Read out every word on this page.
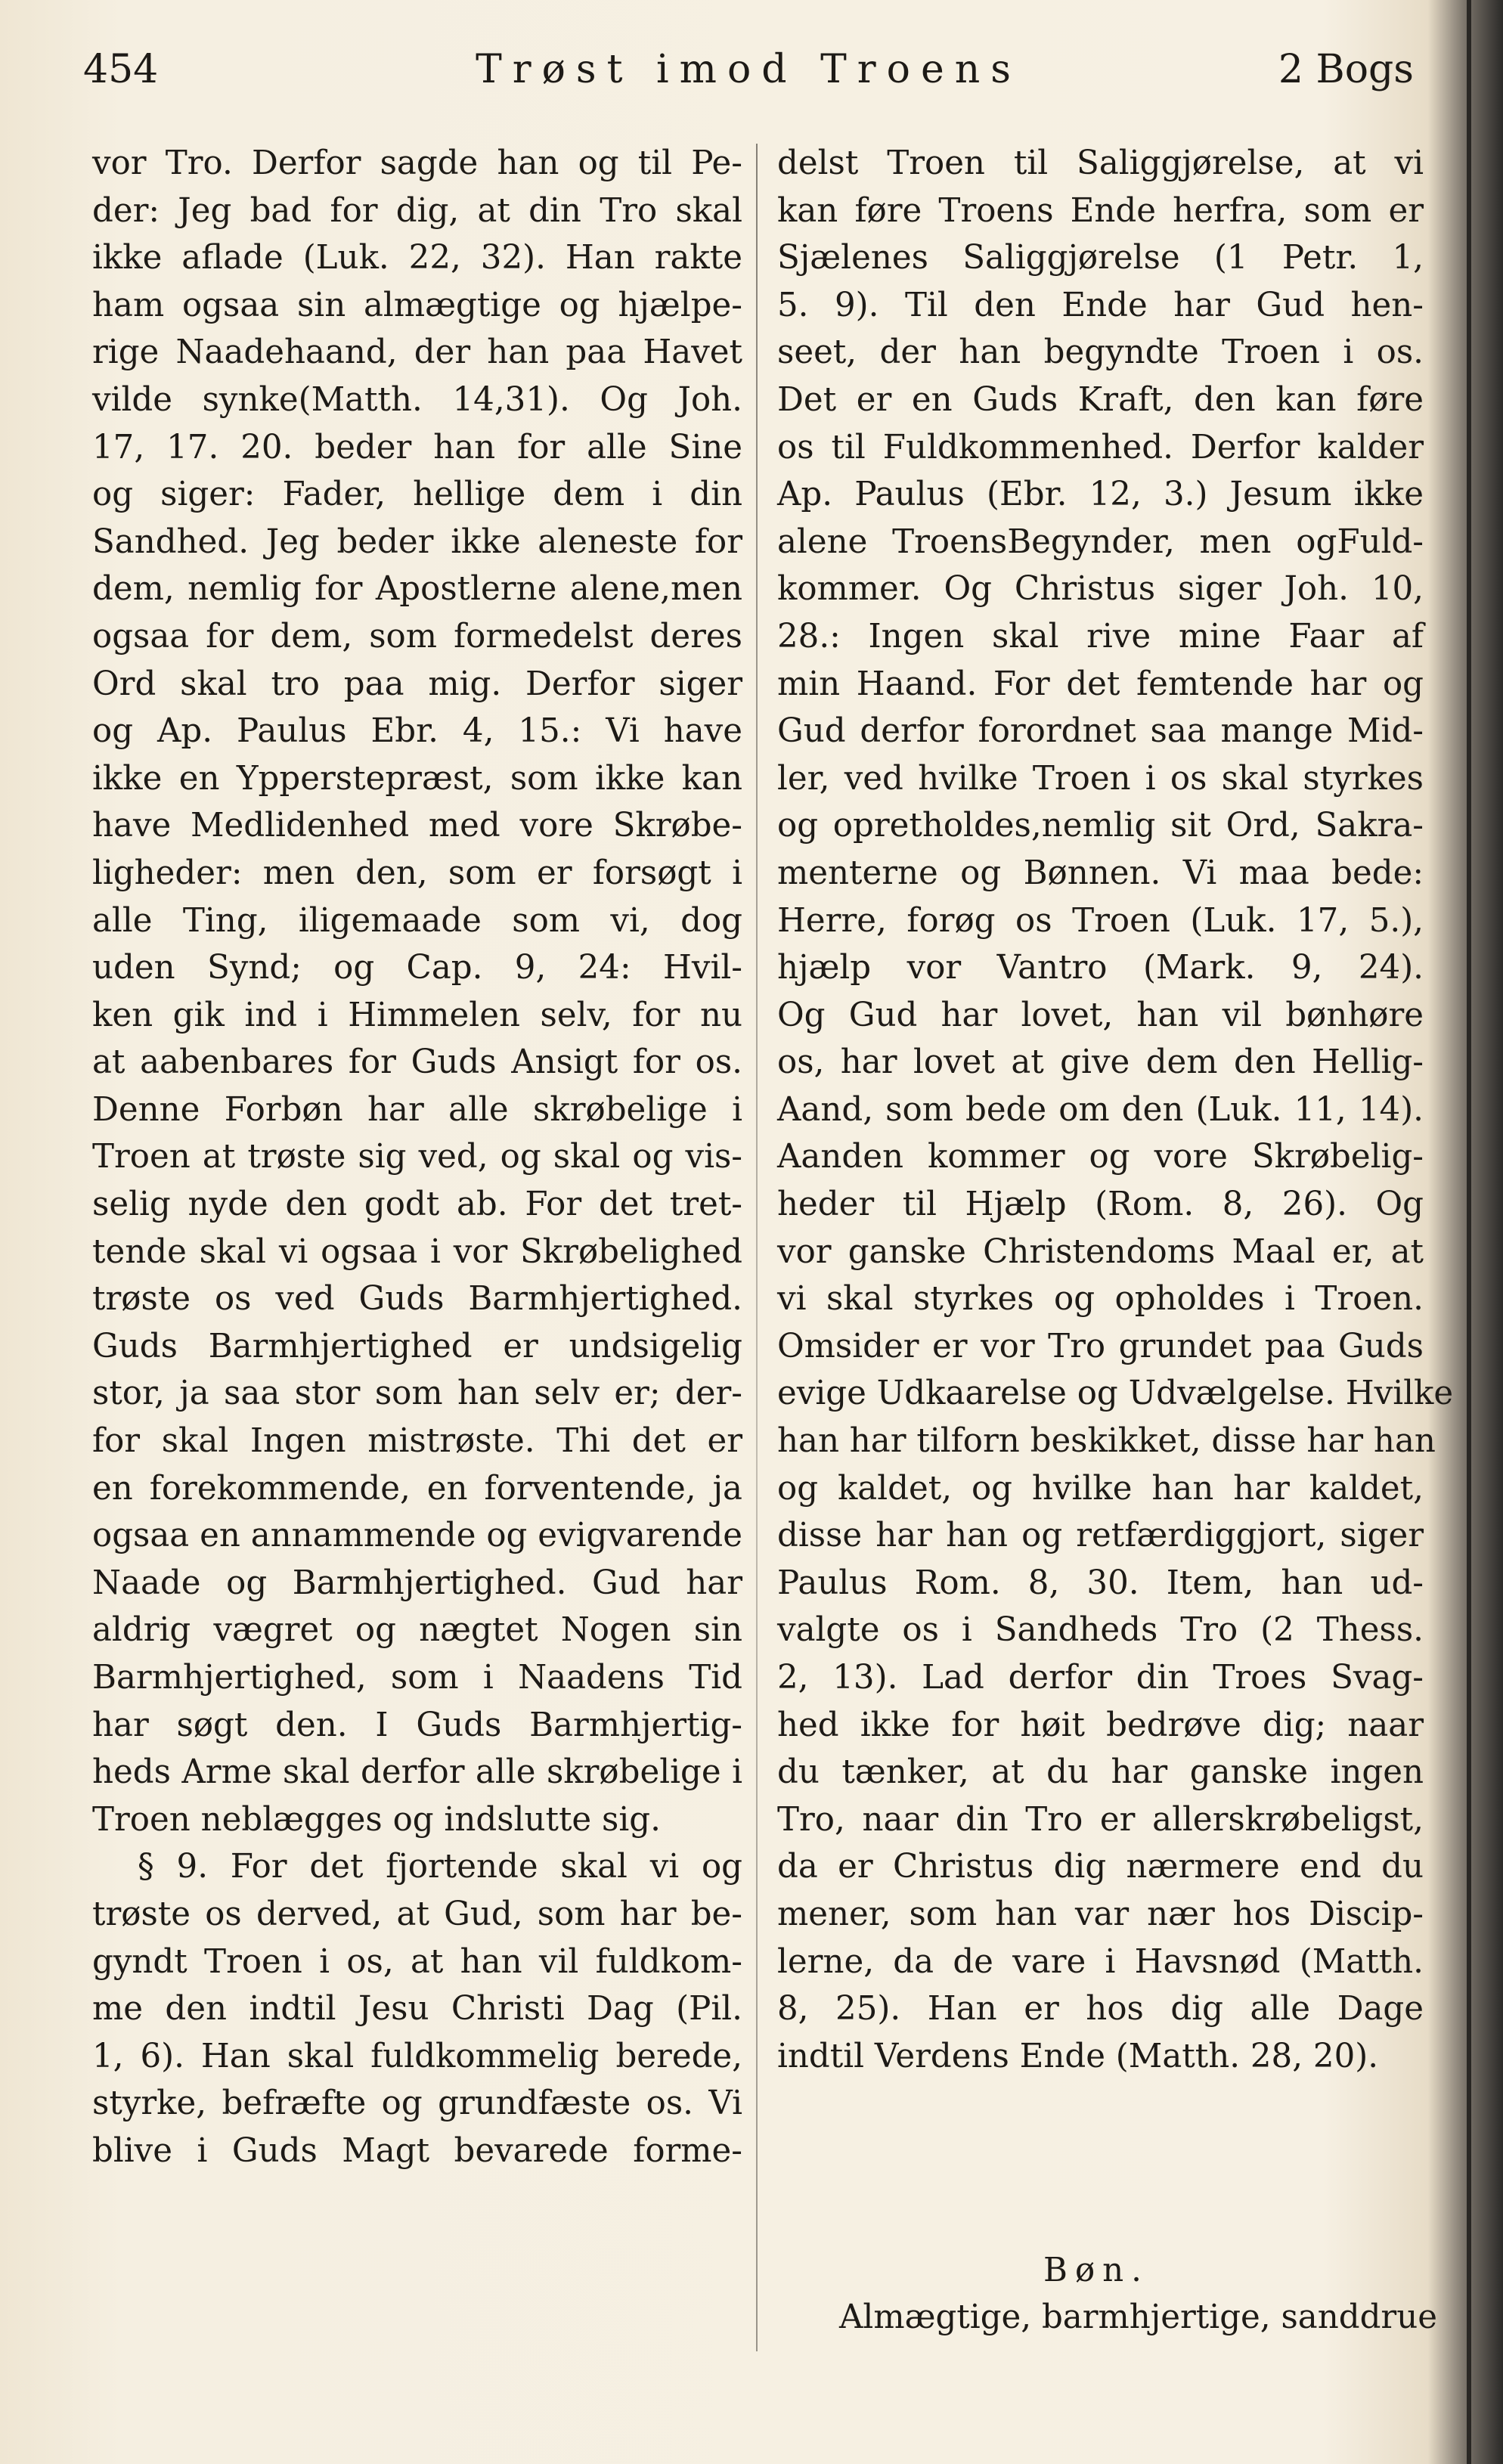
454	Trøst imod Troens	2 Bogs
vor Tro. Derfor sagde han og til Pe-
der: Jeg bad for dig, at din Tro skal
ikke aflade (Luk. 22, 32). Han rakte
ham ogsaa sin almægtige og hjælpe-
rige Naadehaand, der han paa Havet
vilde synke(Matth. 14,31). Og Joh.
17, 17. 20. beder han for alle Sine
og siger: Fader, hellige dem i din
Sandhed. Jeg beder ikke aleneste for
dem, nemlig for Apostlerne alene,men
ogsaa for dem, som formedelst deres
Ord skal tro paa mig. Derfor siger
og Ap. Paulus Ebr. 4, 15.: Vi have
ikke en Ypperstepræst, som ikke kan
have Medlidenhed med vore Skrøbe-
ligheder: men den, som er forsøgt i
alle Ting, iligemaade som vi, dog
uden Synd; og Cap. 9, 24: Hvil-
ken gik ind i Himmelen selv, for nu
at aabenbares for Guds Ansigt for os.
Denne Forbøn har alle skrøbelige i
Troen at trøste sig ved, og skal og vis-
selig nyde den godt ab. For det tret-
tende skal vi ogsaa i vor Skrøbelighed
trøste os ved Guds Barmhjertighed.
Guds Barmhjertighed er undsigelig
stor, ja saa stor som han selv er; der-
for skal Ingen mistrøste. Thi det er
en forekommende, en forventende, ja
ogsaa en annammende og evigvarende
Naade og Barmhjertighed. Gud har
aldrig vægret og nægtet Nogen sin
Barmhjertighed, som i Naadens Tid
har søgt den. I Guds Barmhjertig-
heds Arme skal derfor alle skrøbelige i
Troen neblægges og indslutte sig.
§ 9. For det fjortende skal vi og
trøste os derved, at Gud, som har be-
gyndt Troen i os, at han vil fuldkom-
me den indtil Jesu Christi Dag (Pil.
1, 6). Han skal fuldkommelig berede,
styrke, befræfte og grundfæste os. Vi
blive i Guds Magt bevarede forme-
delst Troen til Saliggjørelse, at vi
kan føre Troens Ende herfra, som er
Sjælenes Saliggjørelse (1 Petr. 1,
5. 9). Til den Ende har Gud hen-
seet, der han begyndte Troen i os.
Det er en Guds Kraft, den kan føre
os til Fuldkommenhed. Derfor kalder
Ap. Paulus (Ebr. 12, 3.) Jesum ikke
alene TroensBegynder, men ogFuld-
kommer. Og Christus siger Joh. 10,
28.: Ingen skal rive mine Faar af
min Haand. For det femtende har og
Gud derfor forordnet saa mange Mid-
ler, ved hvilke Troen i os skal styrkes
og opretholdes,nemlig sit Ord, Sakra-
menterne og Bønnen. Vi maa bede:
Herre, forøg os Troen (Luk. 17, 5.),
hjælp vor Vantro (Mark. 9, 24).
Og Gud har lovet, han vil bønhøre
os, har lovet at give dem den Hellig-
Aand, som bede om den (Luk. 11, 14).
Aanden kommer og vore Skrøbelig-
heder til Hjælp (Rom. 8, 26). Og
vor ganske Christendoms Maal er, at
vi skal styrkes og opholdes i Troen.
Omsider er vor Tro grundet paa Guds
evige Udkaarelse og Udvælgelse. Hvilke
han har tilforn beskikket, disse har han
og kaldet, og hvilke han har kaldet,
disse har han og retfærdiggjort, siger
Paulus Rom. 8, 30. Item, han ud-
valgte os i Sandheds Tro (2 Thess.
2, 13). Lad derfor din Troes Svag-
hed ikke for høit bedrøve dig; naar
du tænker, at du har ganske ingen
Tro, naar din Tro er allerskrøbeligst,
da er Christus dig nærmere end du
mener, som han var nær hos Discip-
lerne, da de vare i Havsnød (Matth.
8, 25). Han er hos dig alle Dage
indtil Verdens Ende (Matth. 28, 20).
Bøn.
Almægtige, barmhjertige, sanddrue
